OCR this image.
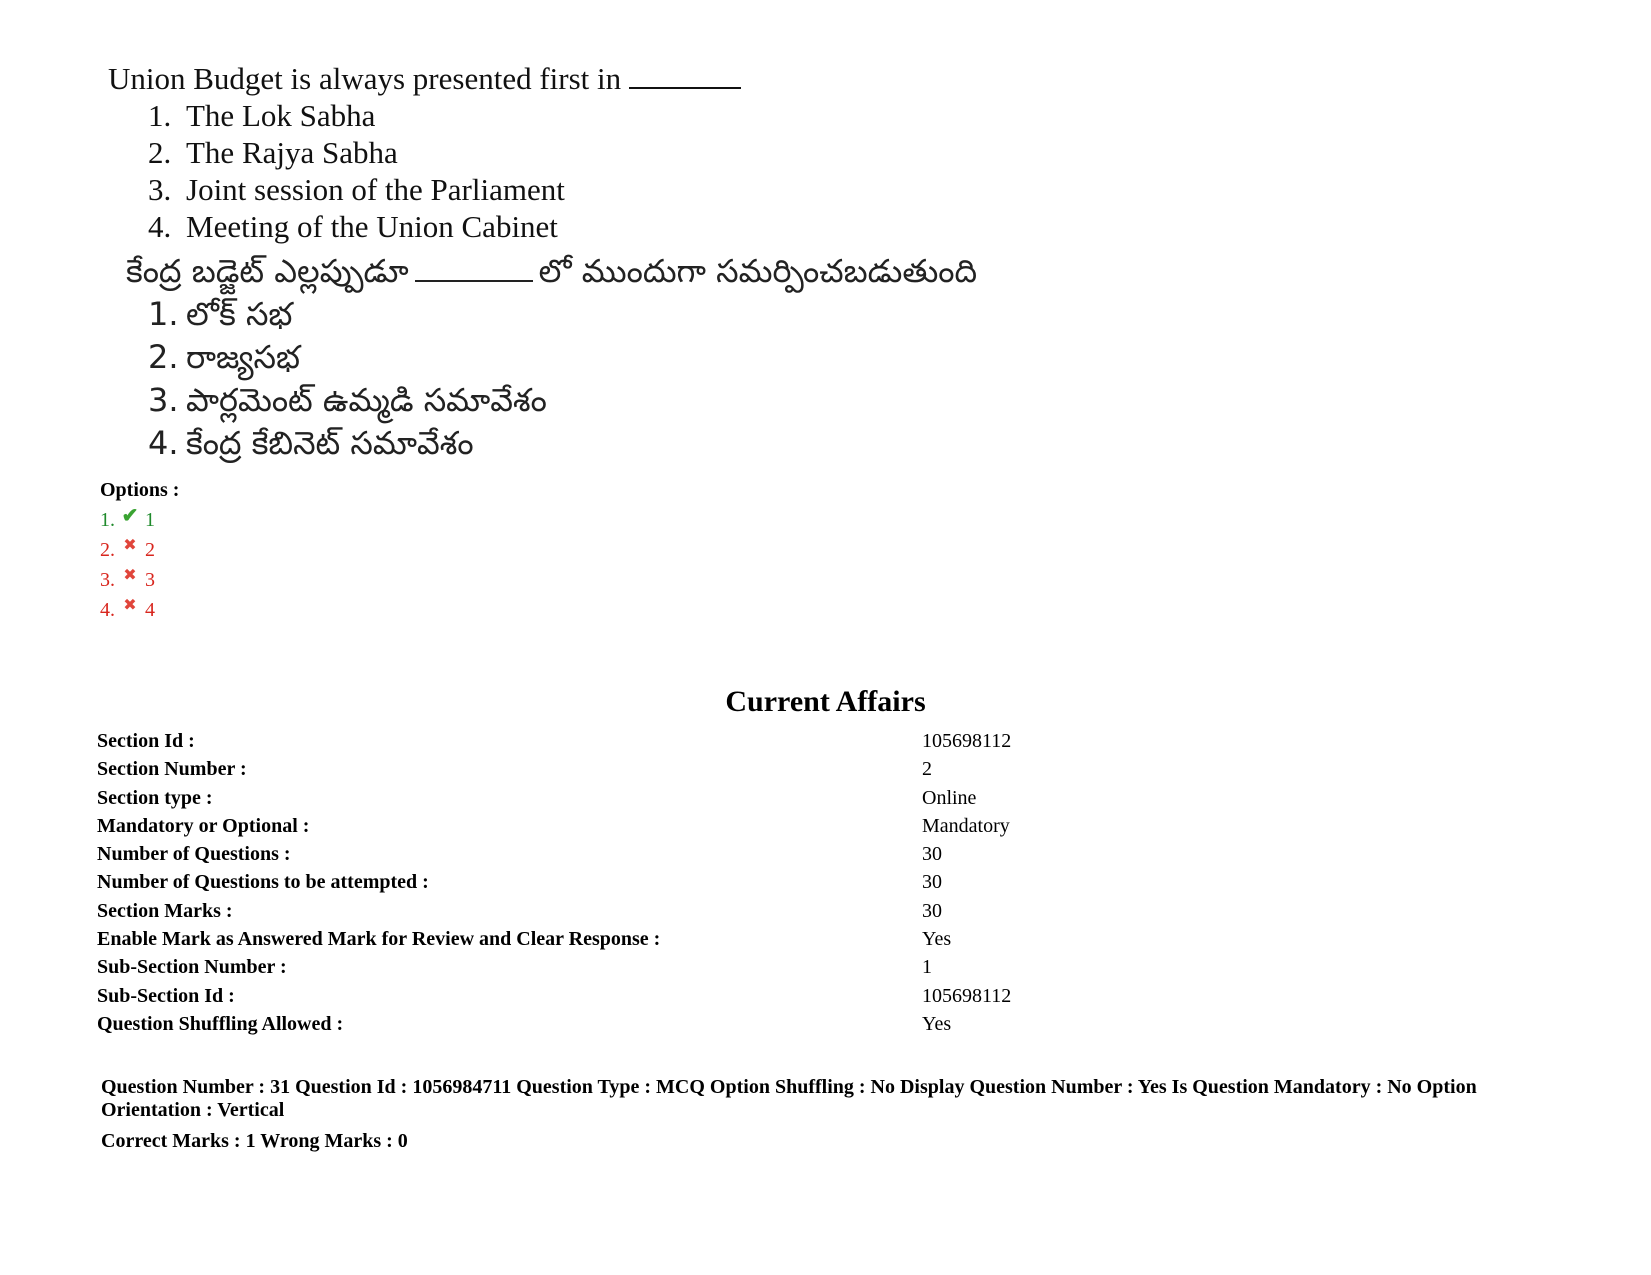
Union Budget is always presented first in
1. The Lok Sabha
2. The Rajya Sabha
3. Joint session of the Parliament
4. Meeting of the Union Cabinet
కేంద్ర బడ్జెట్ ఎల్లప్పుడూ	లో ముందుగా సమర్పించబడుతుంది
1. లోక్ సభ
2. రాజ్యసభ
3. పార్లమెంట్ ఉమ్మడి సమావేశం
4. కేంద్ర కేబినెట్ సమావేశం
Options :
1. ✔ 1
2. ✖ 2
3. ✖ 3
4. ✖ 4
Current Affairs
Section Id :	105698112
Section Number :	2
Section type :	Online
Mandatory or Optional :	Mandatory
Number of Questions :	30
Number of Questions to be attempted :	30
Section Marks :	30
Enable Mark as Answered Mark for Review and Clear Response :	Yes
Sub-Section Number :	1
Sub-Section Id :	105698112
Question Shuffling Allowed :	Yes
Question Number : 31 Question Id : 1056984711 Question Type : MCQ Option Shuffling : No Display Question Number : Yes Is Question Mandatory : No Option Orientation : Vertical
Correct Marks : 1 Wrong Marks : 0
